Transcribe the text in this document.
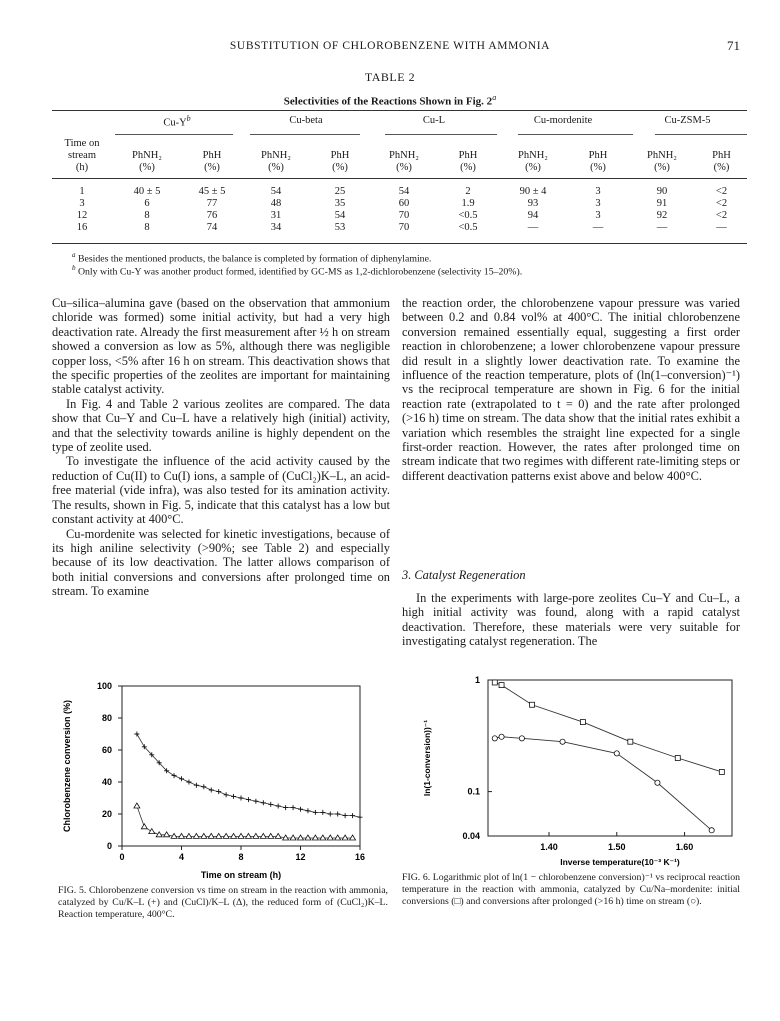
SUBSTITUTION OF CHLOROBENZENE WITH AMMONIA	71
TABLE 2
Selectivities of the Reactions Shown in Fig. 2$^a$
	$Cu-Y^b$	Cu-beta	Cu-L	Cu-mordenite	Cu-ZSM-5
Time on										
stream	PhNH₂	PhH	PhNH₂	PhH	PhNH₂	PhH	PhNH₂	PhH	PhNH₂	PhH
(h)	(%)	(%)	(%)	(%)	(%)	(%)	(%)	(%)	(%)	(%)

1	40 ± 5	45 ± 5	54	25	54	2	90 ± 4	3	90	<2
3	6	77	48	35	60	1.9	93	3	91	<2
12	8	76	31	54	70	<0.5	94	3	92	<2
16	8	74	34	53	70	<0.5	—	—	—	—
$^a$ Besides the mentioned products, the balance is completed by formation of diphenylamine.
$^b$ Only with Cu-Y was another product formed, identified by GC-MS as 1,2-dichlorobenzene (selectivity 15–20%).

Cu–silica–alumina gave (based on the observation that ammonium chloride was formed) some initial activity, but had a very high deactivation rate. Already the first measurement after ½ h on stream showed a conversion as low as 5%, although there was negligible copper loss, <5% after 16 h on stream. This deactivation shows that the specific properties of the zeolites are important for maintaining stable catalyst activity.

In Fig. 4 and Table 2 various zeolites are compared. The data show that Cu–Y and Cu–L have a relatively high (initial) activity, and that the selectivity towards aniline is highly dependent on the type of zeolite used.

To investigate the influence of the acid activity caused by the reduction of Cu(II) to Cu(I) ions, a sample of (CuCl₂)K–L, an acid-free material (vide infra), was also tested for its amination activity. The results, shown in Fig. 5, indicate that this catalyst has a low but constant activity at 400°C.

Cu-mordenite was selected for kinetic investigations, because of its high aniline selectivity (>90%; see Table 2) and especially because of its low deactivation. The latter allows comparison of both initial conversions and conversions after prolonged time on stream. To examine

the reaction order, the chlorobenzene vapour pressure was varied between 0.2 and 0.84 vol% at 400°C. The initial chlorobenzene conversion remained essentially equal, suggesting a first order reaction in chlorobenzene; a lower chlorobenzene vapour pressure did result in a slightly lower deactivation rate. To examine the influence of the reaction temperature, plots of (ln(1–conversion)⁻¹) vs the reciprocal temperature are shown in Fig. 6 for the initial reaction rate (extrapolated to t = 0) and the rate after prolonged (>16 h) time on stream. The data show that the initial rates exhibit a variation which resembles the straight line expected for a single first-order reaction. However, the rates after prolonged time on stream indicate that two regimes with different rate-limiting steps or different deactivation patterns exist above and below 400°C.

3. Catalyst Regeneration

In the experiments with large-pore zeolites Cu–Y and Cu–L, a high initial activity was found, along with a rapid catalyst deactivation. Therefore, these materials were very suitable for investigating catalyst regeneration. The

0
20
40
60
80
100
0	4	8	12	16
Time on stream (h)
Chlorobenzene conversion (%)
FIG. 5. Chlorobenzene conversion vs time on stream in the reaction with ammonia, catalyzed by Cu/K–L (+) and (CuCl)/K–L (Δ), the reduced form of (CuCl₂)K–L. Reaction temperature, 400°C.
0.04
0.1
1
1.40	1.50	1.60
Inverse temperature(10⁻³ K⁻¹)
ln(1-conversion))⁻¹
FIG. 6. Logarithmic plot of ln(1 − chlorobenzene conversion)⁻¹ vs reciprocal reaction temperature in the reaction with ammonia, catalyzed by Cu/Na–mordenite: initial conversions (□) and conversions after prolonged (>16 h) time on stream (○).
